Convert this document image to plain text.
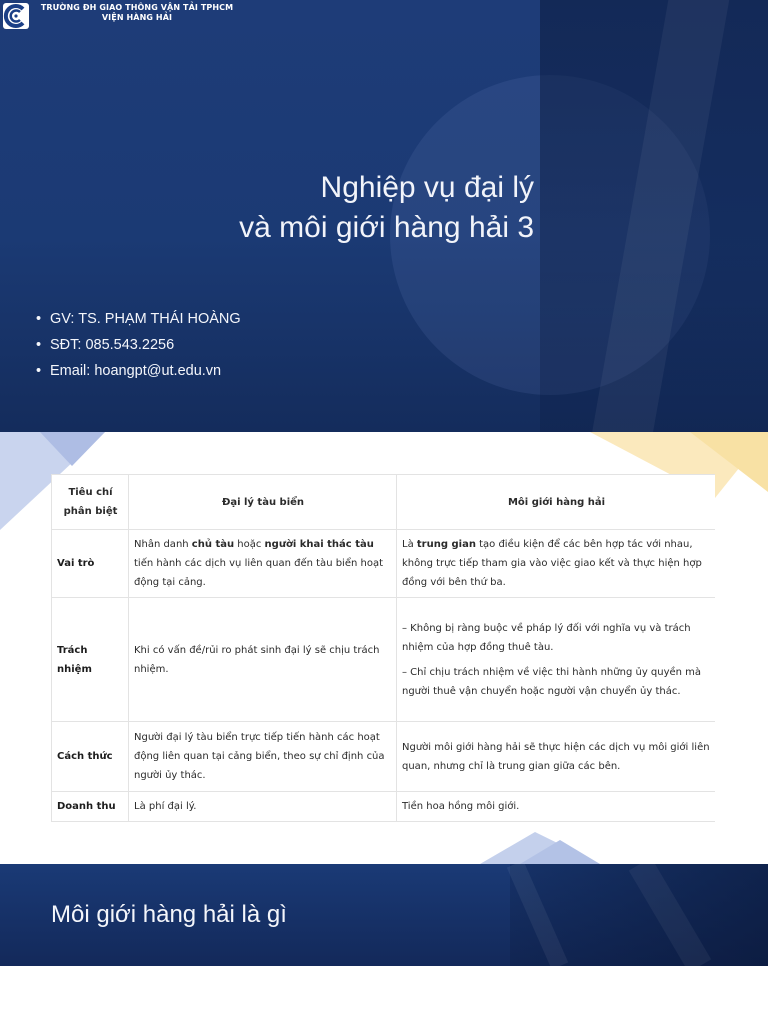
TRƯỜNG ĐH GIAO THÔNG VẬN TẢI TPHCM
VIỆN HÀNG HẢI
Nghiệp vụ đại lý
và môi giới hàng hải 3
• GV: TS. PHẠM THÁI HOÀNG
• SĐT: 085.543.2256
• Email: hoangpt@ut.edu.vn
Tiêu chí phân biệt	Đại lý tàu biển	Môi giới hàng hải
Vai trò	Nhân danh chủ tàu hoặc người khai thác tàu tiến hành các dịch vụ liên quan đến tàu biển hoạt động tại cảng.	Là trung gian tạo điều kiện để các bên hợp tác với nhau, không trực tiếp tham gia vào việc giao kết và thực hiện hợp đồng với bên thứ ba.
Trách nhiệm	Khi có vấn đề/rủi ro phát sinh đại lý sẽ chịu trách nhiệm.	– Không bị ràng buộc về pháp lý đối với nghĩa vụ và trách nhiệm của hợp đồng thuê tàu.

– Chỉ chịu trách nhiệm về việc thi hành những ủy quyền mà người thuê vận chuyển hoặc người vận chuyển ủy thác.

Cách thức	Người đại lý tàu biển trực tiếp tiến hành các hoạt động liên quan tại cảng biển, theo sự chỉ định của người ủy thác.	Người môi giới hàng hải sẽ thực hiện các dịch vụ môi giới liên quan, nhưng chỉ là trung gian giữa các bên.
Doanh thu	Là phí đại lý.	Tiền hoa hồng môi giới.
Môi giới hàng hải là gì
